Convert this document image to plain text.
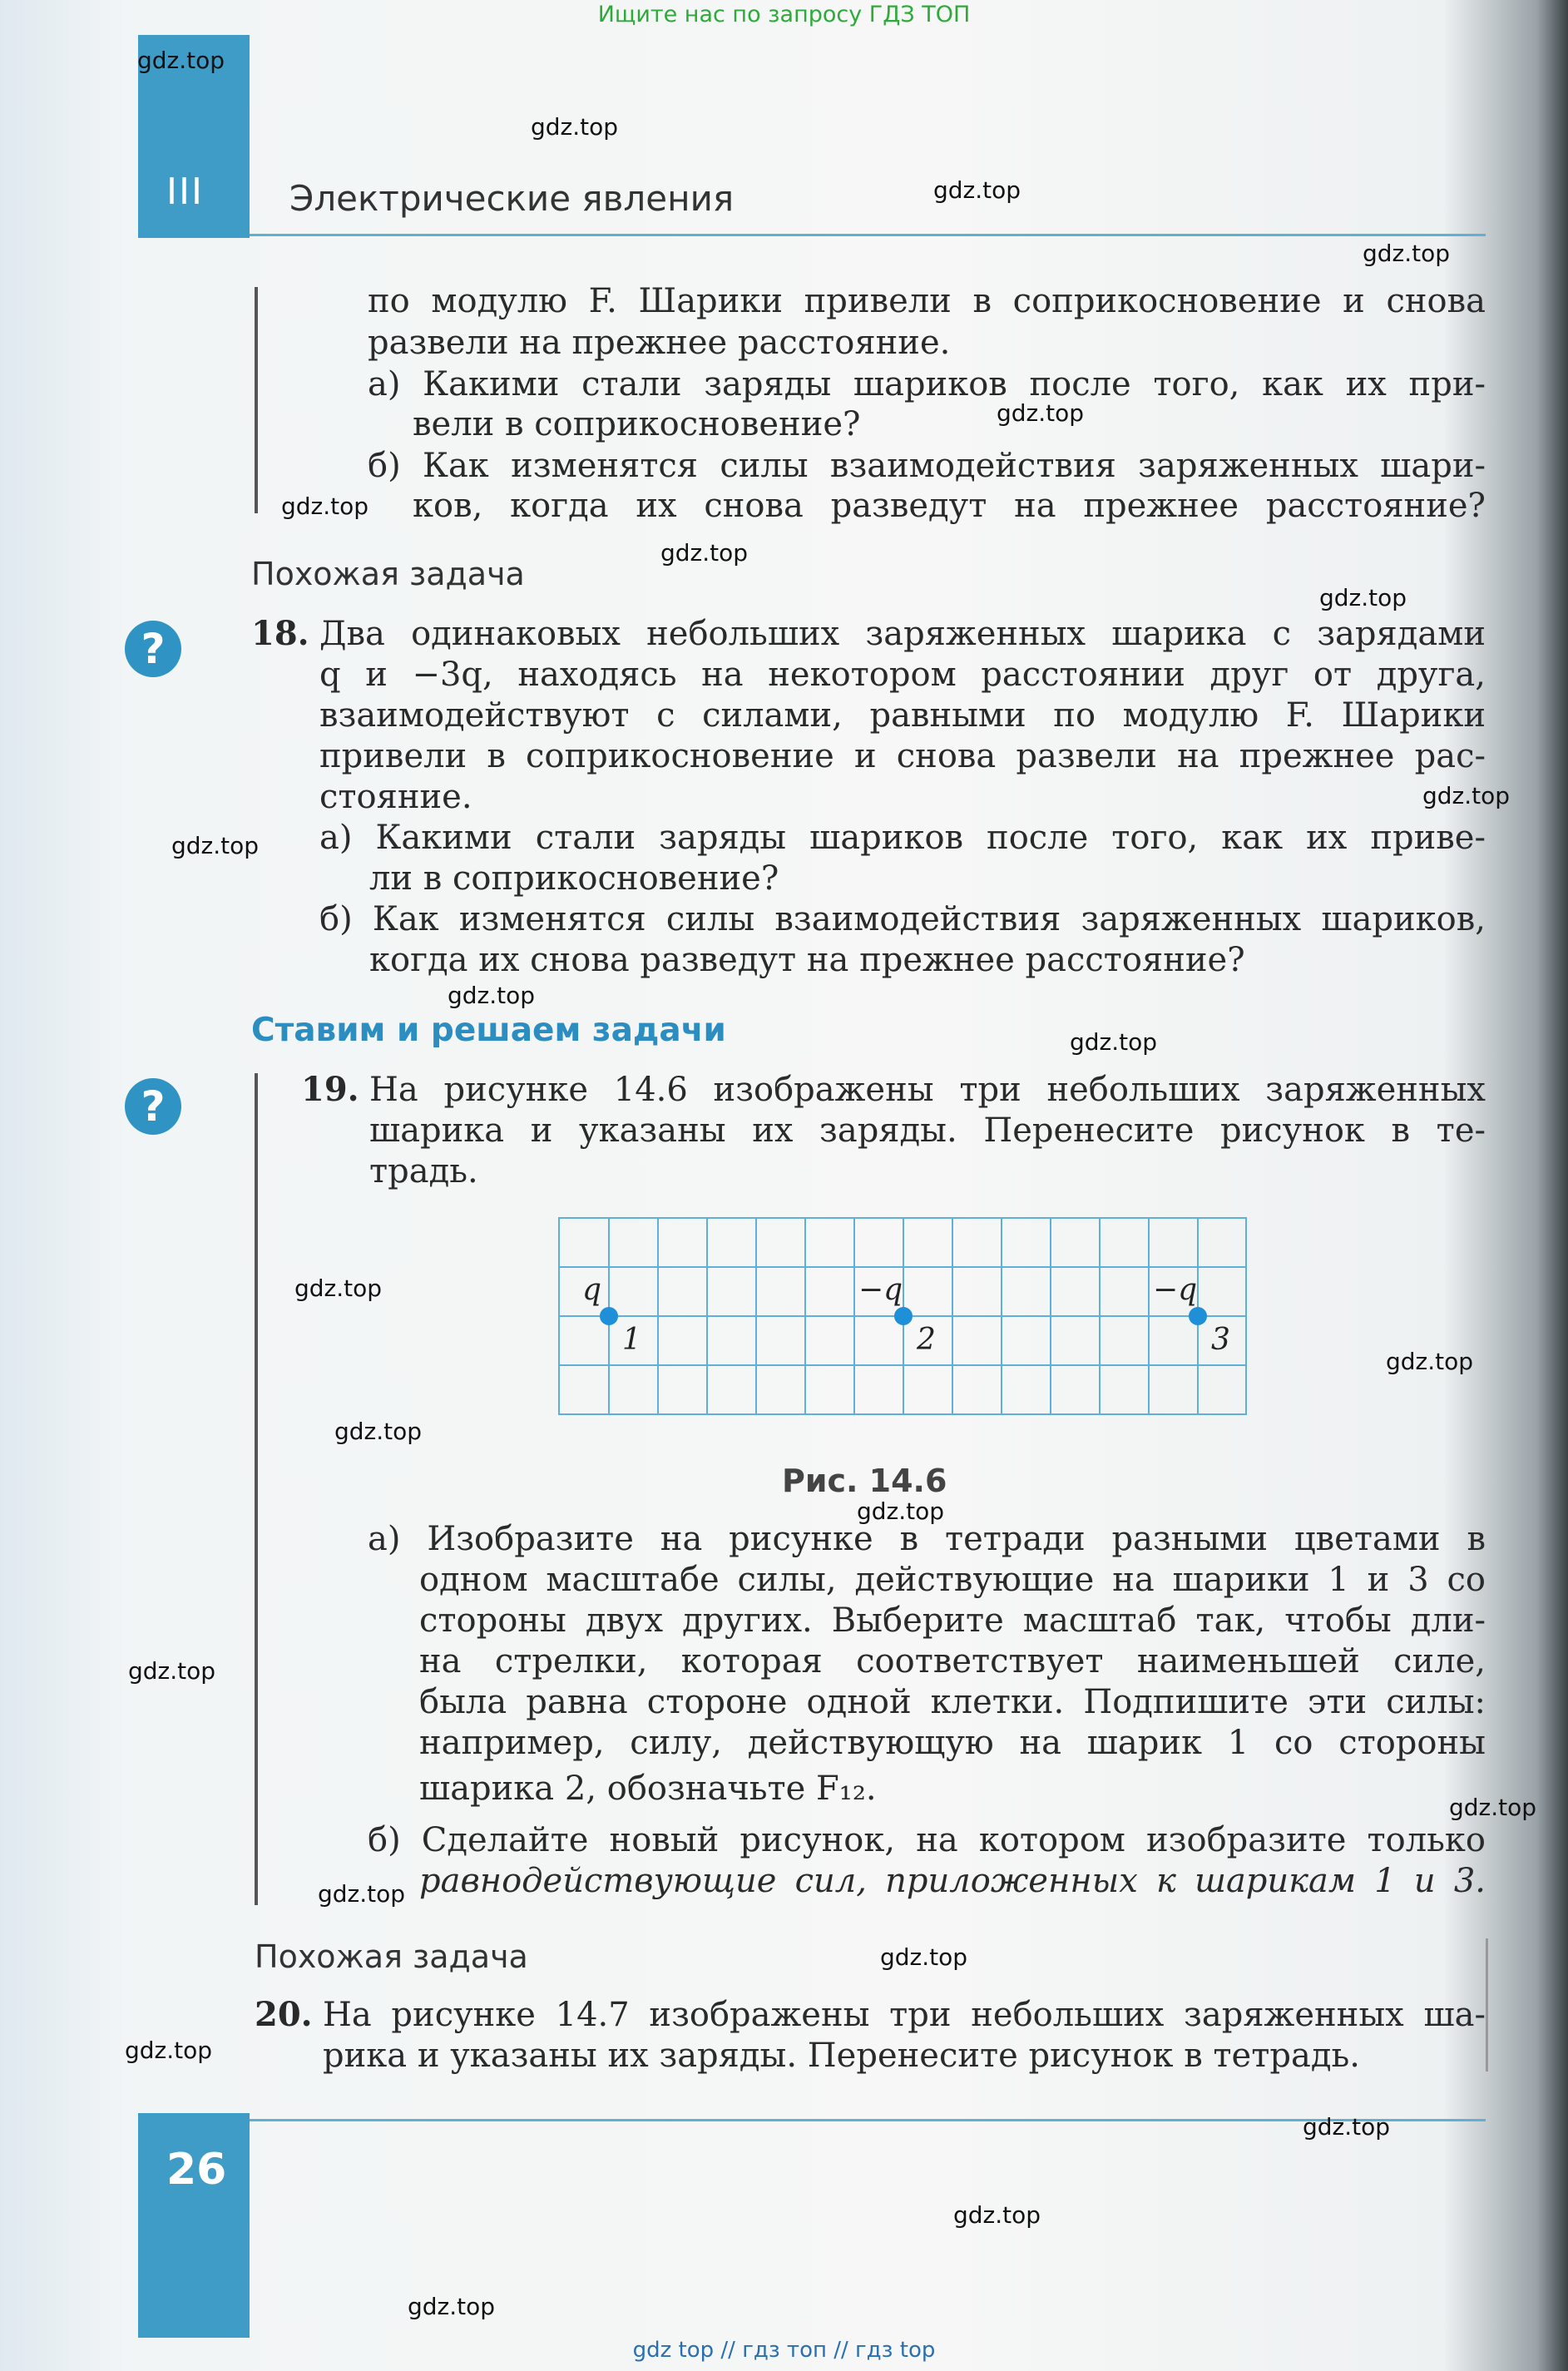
Ищите нас по запросу ГДЗ ТОП
III Электрические явления
по модулю F. Шарики привели в соприкосновение и снова
развели на прежнее расстояние.
а) Какими стали заряды шариков после того, как их при-
вели в соприкосновение?
б) Как изменятся силы взаимодействия заряженных шари-
ков, когда их снова разведут на прежнее расстояние?
Похожая задача
?	18. Два одинаковых небольших заряженных шарика с зарядами
q и −3q, находясь на некотором расстоянии друг от друга,
взаимодействуют с силами, равными по модулю F. Шарики
привели в соприкосновение и снова развели на прежнее рас-
стояние.
а) Какими стали заряды шариков после того, как их приве-
ли в соприкосновение?
б) Как изменятся силы взаимодействия заряженных шариков,
когда их снова разведут на прежнее расстояние?
Ставим и решаем задачи
?	19. На рисунке 14.6 изображены три небольших заряженных
шарика и указаны их заряды. Перенесите рисунок в те-
традь.
q	−q	−q
1	2	3
Рис. 14.6
а) Изобразите на рисунке в тетради разными цветами в
одном масштабе силы, действующие на шарики 1 и 3 со
стороны двух других. Выберите масштаб так, чтобы дли-
на стрелки, которая соответствует наименьшей силе,
была равна стороне одной клетки. Подпишите эти силы:
например, силу, действующую на шарик 1 со стороны
шарика 2, обозначьте F₁₂.
б) Сделайте новый рисунок, на котором изобразите только
равнодействующие сил, приложенных к шарикам 1 и 3.
Похожая задача
20. На рисунке 14.7 изображены три небольших заряженных ша-
рика и указаны их заряды. Перенесите рисунок в тетрадь.
26
gdz.top
gdz.top
gdz.top
gdz.top
gdz.top
gdz.top
gdz.top
gdz.top
gdz.top
gdz.top
gdz.top
gdz.top
gdz.top
gdz.top
gdz.top
gdz.top
gdz.top
gdz.top
gdz.top
gdz.top
gdz.top
gdz.top
gdz.top
gdz.top
gdz top // гдз топ // гдз top
